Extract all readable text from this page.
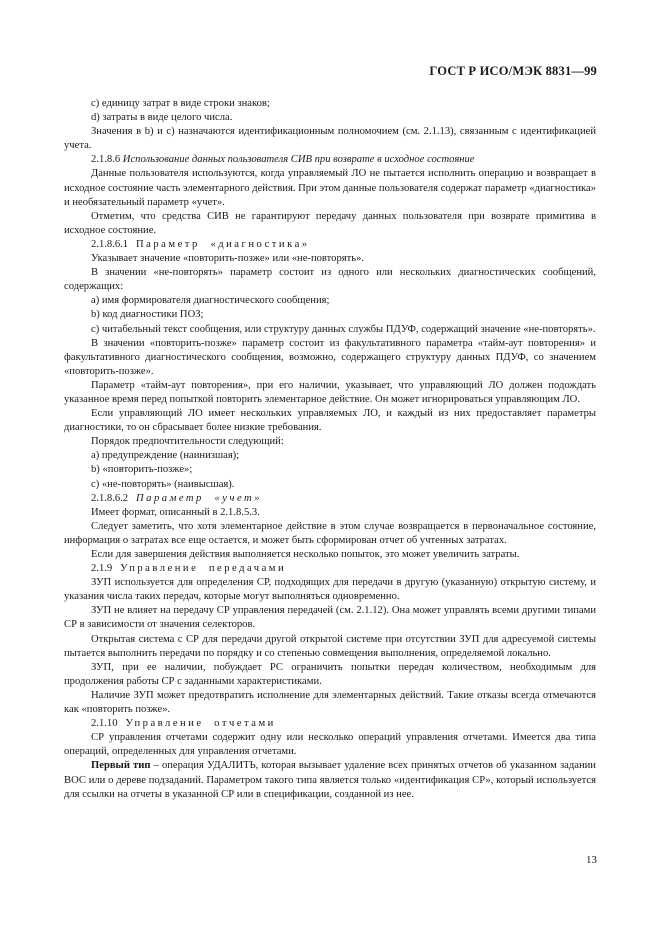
ГОСТ Р ИСО/МЭК 8831—99

c) единицу затрат в виде строки знаков;

d) затраты в виде целого числа.

Значения в b) и c) назначаются идентификационным полномочием (см. 2.1.13), связанным с идентификацией учета.

2.1.8.6 Использование данных пользователя СИВ при возврате в исходное состояние

Данные пользователя используются, когда управляемый ЛО не пытается исполнить операцию и возвращает в исходное состояние часть элементарного действия. При этом данные пользователя содержат параметр «диагностика» и необязательный параметр «учет».

Отметим, что средства СИВ не гарантируют передачу данных пользователя при возврате примитива в исходное состояние.

2.1.8.6.1 Параметр «диагностика»

Указывает значение «повторить-позже» или «не-повторять».

В значении «не-повторять» параметр состоит из одного или нескольких диагностических сообщений, содержащих:

a) имя формирователя диагностического сообщения;

b) код диагностики ПОЗ;

c) читабельный текст сообщения, или структуру данных службы ПДУФ, содержащий значение «не-повторять».

В значении «повторить-позже» параметр состоит из факультативного параметра «тайм-аут повторения» и факультативного диагностического сообщения, возможно, содержащего структуру данных ПДУФ, со значением «повторить-позже».

Параметр «тайм-аут повторения», при его наличии, указывает, что управляющий ЛО должен подождать указанное время перед попыткой повторить элементарное действие. Он может игнорироваться управляющим ЛО.

Если управляющий ЛО имеет нескольких управляемых ЛО, и каждый из них предоставляет параметры диагностики, то он сбрасывает более низкие требования.

Порядок предпочтительности следующий:

a) предупреждение (наинизшая);

b) «повторить-позже»;

c) «не-повторять» (наивысшая).

2.1.8.6.2 Параметр «учет»

Имеет формат, описанный в 2.1.8.5.3.

Следует заметить, что хотя элементарное действие в этом случае возвращается в первоначальное состояние, информация о затратах все еще остается, и может быть сформирован отчет об учтенных затратах.

Если для завершения действия выполняется несколько попыток, это может увеличить затраты.

2.1.9 Управление передачами

ЗУП используется для определения СР, подходящих для передачи в другую (указанную) открытую систему, и указания числа таких передач, которые могут выполняться одновременно.

ЗУП не влияет на передачу СР управления передачей (см. 2.1.12). Она может управлять всеми другими типами СР в зависимости от значения селекторов.

Открытая система с СР для передачи другой открытой системе при отсутствии ЗУП для адресуемой системы пытается выполнить передачи по порядку и со степенью совмещения выполнения, определяемой локально.

ЗУП, при ее наличии, побуждает РС ограничить попытки передач количеством, необходимым для продолжения работы СР с заданными характеристиками.

Наличие ЗУП может предотвратить исполнение для элементарных действий. Такие отказы всегда отмечаются как «повторить позже».

2.1.10 Управление отчетами

СР управления отчетами содержит одну или несколько операций управления отчетами. Имеется два типа операций, определенных для управления отчетами.

Первый тип – операция УДАЛИТЬ, которая вызывает удаление всех принятых отчетов об указанном задании ВОС или о дереве подзаданий. Параметром такого типа является только «идентификация СР», который используется для ссылки на отчеты в указанной СР или в спецификации, созданной из нее.

13
